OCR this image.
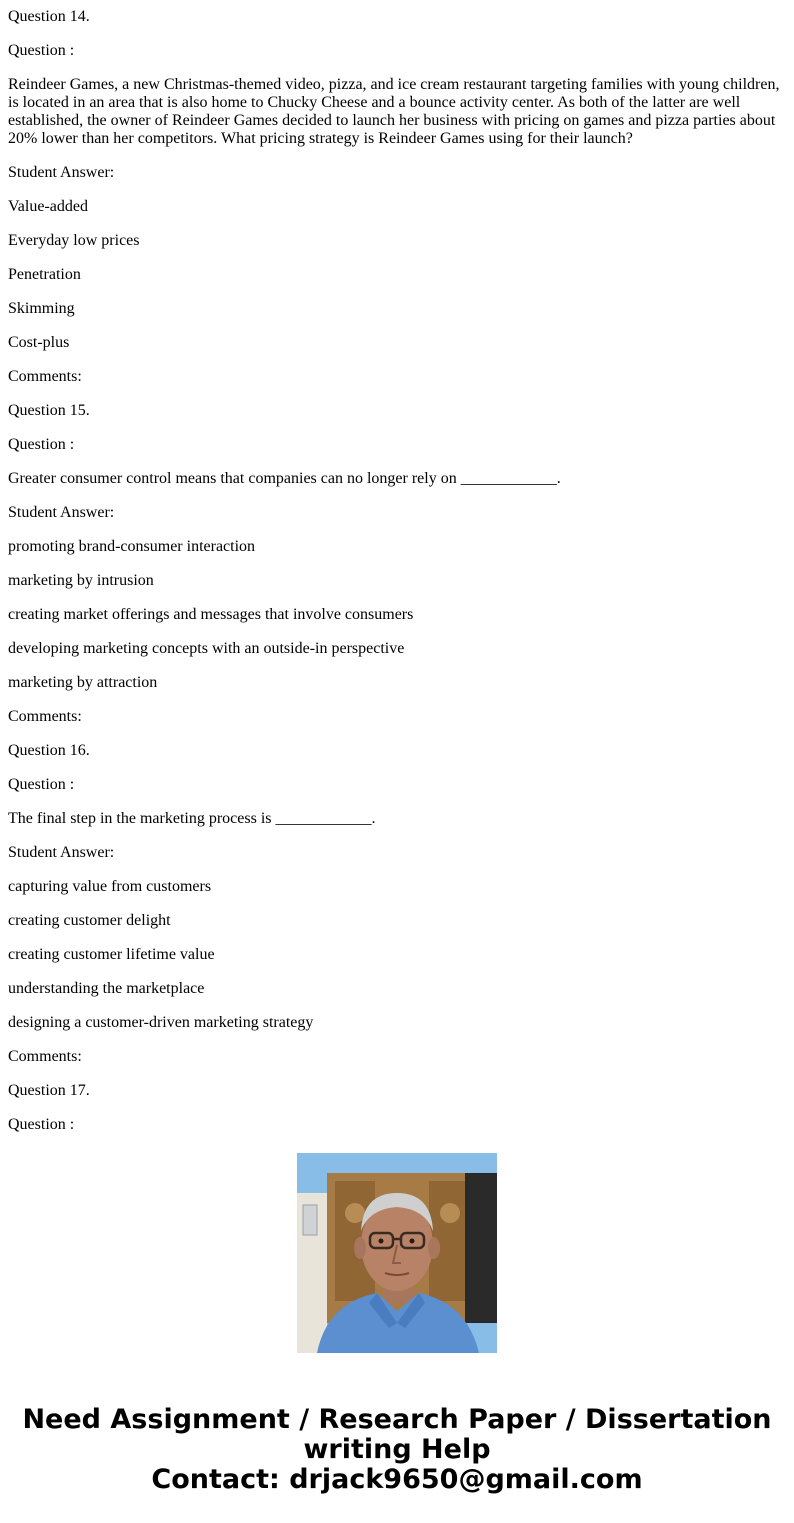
Question 14.

Question :

Reindeer Games, a new Christmas-themed video, pizza, and ice cream restaurant targeting families with young children, is located in an area that is also home to Chucky Cheese and a bounce activity center. As both of the latter are well established, the owner of Reindeer Games decided to launch her business with pricing on games and pizza parties about 20% lower than her competitors. What pricing strategy is Reindeer Games using for their launch?

Student Answer:

Value-added

Everyday low prices

Penetration

Skimming

Cost-plus

Comments:

Question 15.

Question :

Greater consumer control means that companies can no longer rely on ____________.

Student Answer:

promoting brand-consumer interaction

marketing by intrusion

creating market offerings and messages that involve consumers

developing marketing concepts with an outside-in perspective

marketing by attraction

Comments:

Question 16.

Question :

The final step in the marketing process is ____________.

Student Answer:

capturing value from customers

creating customer delight

creating customer lifetime value

understanding the marketplace

designing a customer-driven marketing strategy

Comments:

Question 17.

Question :

Need Assignment / Research Paper / Dissertation
writing Help
Contact: drjack9650@gmail.com
